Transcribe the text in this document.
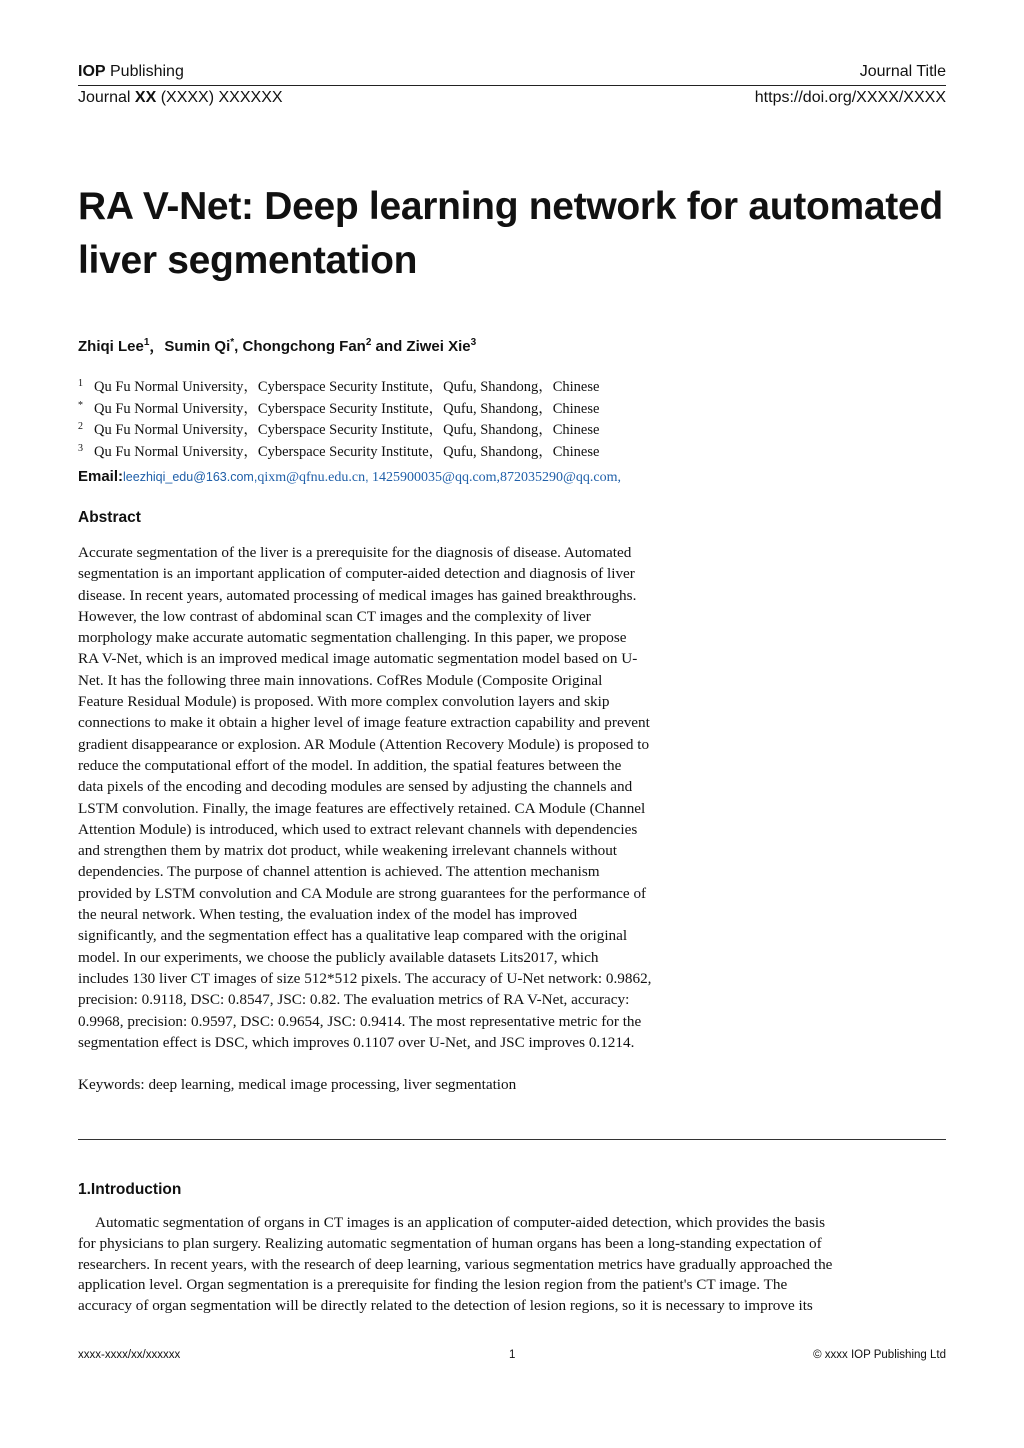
IOP Publishing	Journal Title
Journal XX (XXXX) XXXXXX	https://doi.org/XXXX/XXXX
RA V-Net: Deep learning network for automated
liver segmentation
Zhiqi Lee$^1$，Sumin Qi*, Chongchong Fan$^2$ and Ziwei Xie$^3$
1 Qu Fu Normal University，Cyberspace Security Institute，Qufu, Shandong，Chinese
* Qu Fu Normal University，Cyberspace Security Institute，Qufu, Shandong，Chinese
2 Qu Fu Normal University，Cyberspace Security Institute，Qufu, Shandong，Chinese
3 Qu Fu Normal University，Cyberspace Security Institute，Qufu, Shandong，Chinese
Email:leezhiqi_edu@163.com,qixm@qfnu.edu.cn, 1425900035@qq.com,872035290@qq.com,
Abstract
Accurate segmentation of the liver is a prerequisite for the diagnosis of disease. Automated
segmentation is an important application of computer-aided detection and diagnosis of liver
disease. In recent years, automated processing of medical images has gained breakthroughs.
However, the low contrast of abdominal scan CT images and the complexity of liver
morphology make accurate automatic segmentation challenging. In this paper, we propose
RA V-Net, which is an improved medical image automatic segmentation model based on U-
Net. It has the following three main innovations. CofRes Module (Composite Original
Feature Residual Module) is proposed. With more complex convolution layers and skip
connections to make it obtain a higher level of image feature extraction capability and prevent
gradient disappearance or explosion. AR Module (Attention Recovery Module) is proposed to
reduce the computational effort of the model. In addition, the spatial features between the
data pixels of the encoding and decoding modules are sensed by adjusting the channels and
LSTM convolution. Finally, the image features are effectively retained. CA Module (Channel
Attention Module) is introduced, which used to extract relevant channels with dependencies
and strengthen them by matrix dot product, while weakening irrelevant channels without
dependencies. The purpose of channel attention is achieved. The attention mechanism
provided by LSTM convolution and CA Module are strong guarantees for the performance of
the neural network. When testing, the evaluation index of the model has improved
significantly, and the segmentation effect has a qualitative leap compared with the original
model. In our experiments, we choose the publicly available datasets Lits2017, which
includes 130 liver CT images of size 512*512 pixels. The accuracy of U-Net network: 0.9862,
precision: 0.9118, DSC: 0.8547, JSC: 0.82. The evaluation metrics of RA V-Net, accuracy:
0.9968, precision: 0.9597, DSC: 0.9654, JSC: 0.9414. The most representative metric for the
segmentation effect is DSC, which improves 0.1107 over U-Net, and JSC improves 0.1214.
Keywords: deep learning, medical image processing, liver segmentation
1.Introduction
Automatic segmentation of organs in CT images is an application of computer-aided detection, which provides the basis
for physicians to plan surgery. Realizing automatic segmentation of human organs has been a long-standing expectation of
researchers. In recent years, with the research of deep learning, various segmentation metrics have gradually approached the
application level. Organ segmentation is a prerequisite for finding the lesion region from the patient's CT image. The
accuracy of organ segmentation will be directly related to the detection of lesion regions, so it is necessary to improve its
xxxx-xxxx/xx/xxxxxx	1	© xxxx IOP Publishing Ltd
